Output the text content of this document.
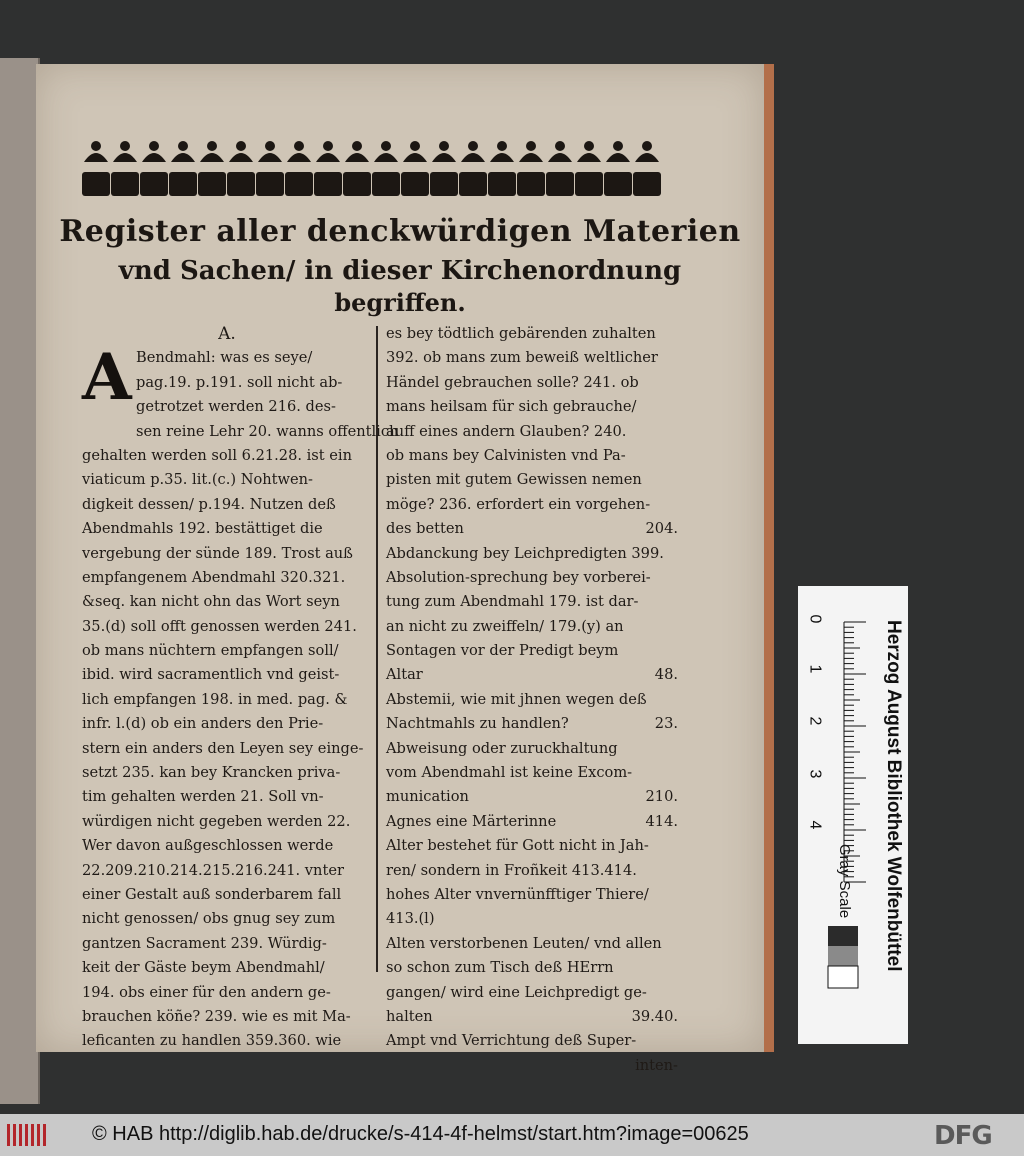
Register aller denckwürdigen Materien
vnd Sachen/ in dieser Kirchenordnung
begriffen.
A.
A Bendmahl: was es seye/
pag.19. p.191. soll nicht ab-
getrotzet werden 216. des-
sen reine Lehr 20. wanns offentlich
gehalten werden soll 6.21.28. ist ein
viaticum p.35. lit.(c.) Nohtwen-
digkeit dessen/ p.194. Nutzen deß
Abendmahls 192. bestättiget die
vergebung der sünde 189. Trost auß
empfangenem Abendmahl 320.321.
&seq. kan nicht ohn das Wort seyn
35.(d) soll offt genossen werden 241.
ob mans nüchtern empfangen soll/
ibid. wird sacramentlich vnd geist-
lich empfangen 198. in med. pag. &
infr. l.(d) ob ein anders den Prie-
stern ein anders den Leyen sey einge-
setzt 235. kan bey Krancken priva-
tim gehalten werden 21. Soll vn-
würdigen nicht gegeben werden 22.
Wer davon außgeschlossen werde
22.209.210.214.215.216.241. vnter
einer Gestalt auß sonderbarem fall
nicht genossen/ obs gnug sey zum
gantzen Sacrament 239. Würdig-
keit der Gäste beym Abendmahl/
194. obs einer für den andern ge-
brauchen köñe? 239. wie es mit Ma-
leficanten zu handlen 359.360. wie
es bey tödtlich gebärenden zuhalten
392. ob mans zum beweiß weltlicher
Händel gebrauchen solle? 241. ob
mans heilsam für sich gebrauche/
auff eines andern Glauben? 240.
ob mans bey Calvinisten vnd Pa-
pisten mit gutem Gewissen nemen
möge? 236. erfordert ein vorgehen-
des betten	204.
Abdanckung bey Leichpredigten 399.
Absolution-sprechung bey vorberei-
tung zum Abendmahl 179. ist dar-
an nicht zu zweiffeln/ 179.(y) an
Sontagen vor der Predigt beym
Altar	48.
Abstemii, wie mit jhnen wegen deß
Nachtmahls zu handlen?	23.
Abweisung oder zuruckhaltung
vom Abendmahl ist keine Excom-
munication	210.
Agnes eine Märterinne	414.
Alter bestehet für Gott nicht in Jah-
ren/ sondern in Froñkeit 413.414.
hohes Alter vnvernünfftiger Thiere/
413.(l)
Alten verstorbenen Leuten/ vnd allen
so schon zum Tisch deß HErrn
gangen/ wird eine Leichpredigt ge-
halten	39.40.
Ampt vnd Verrichtung deß Super-
inten-
0
1
2
3
4
Gray Scale Herzog August Bibliothek Wolfenbüttel
© HAB http://diglib.hab.de/drucke/s-414-4f-helmst/start.htm?image=00625	DFG
